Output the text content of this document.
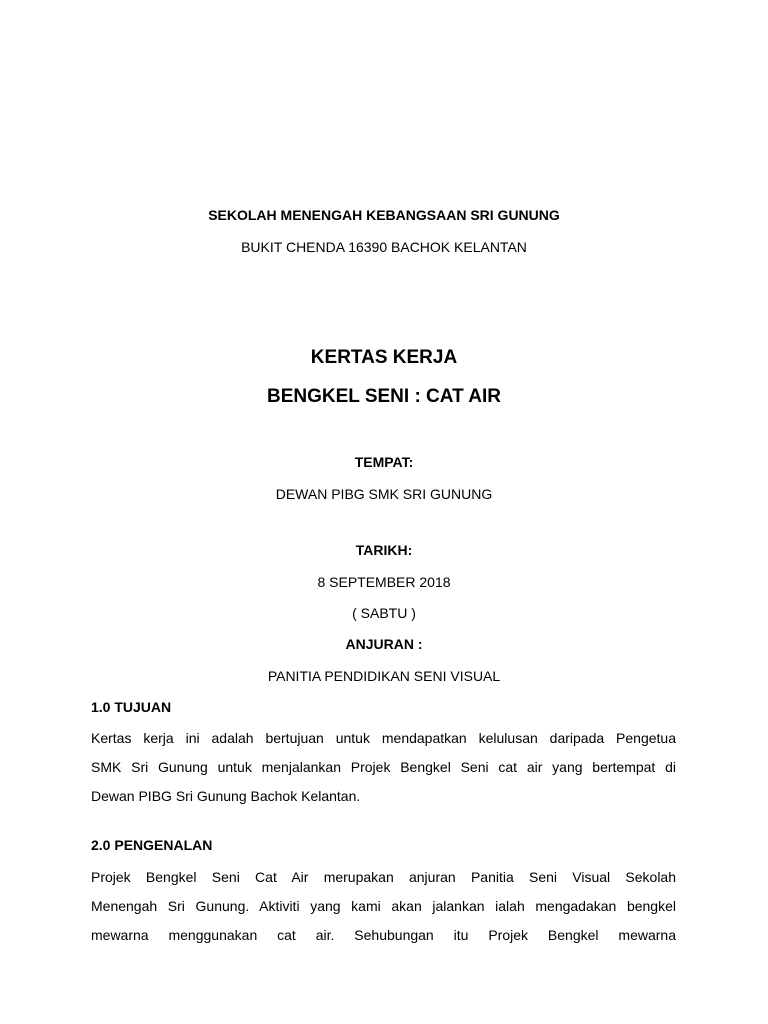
SEKOLAH MENENGAH KEBANGSAAN SRI GUNUNG
BUKIT CHENDA 16390 BACHOK KELANTAN
KERTAS KERJA
BENGKEL SENI : CAT AIR
TEMPAT:
DEWAN PIBG SMK SRI GUNUNG
TARIKH:
8 SEPTEMBER 2018
( SABTU )
ANJURAN :
PANITIA PENDIDIKAN SENI VISUAL
1.0 TUJUAN

Kertas kerja ini adalah bertujuan untuk mendapatkan kelulusan daripada Pengetua
SMK Sri Gunung untuk menjalankan Projek Bengkel Seni cat air yang bertempat di
Dewan PIBG Sri Gunung Bachok Kelantan.

2.0 PENGENALAN

Projek Bengkel Seni Cat Air merupakan anjuran Panitia Seni Visual Sekolah
Menengah Sri Gunung. Aktiviti yang kami akan jalankan ialah mengadakan bengkel
mewarna menggunakan cat air. Sehubungan itu Projek Bengkel mewarna
